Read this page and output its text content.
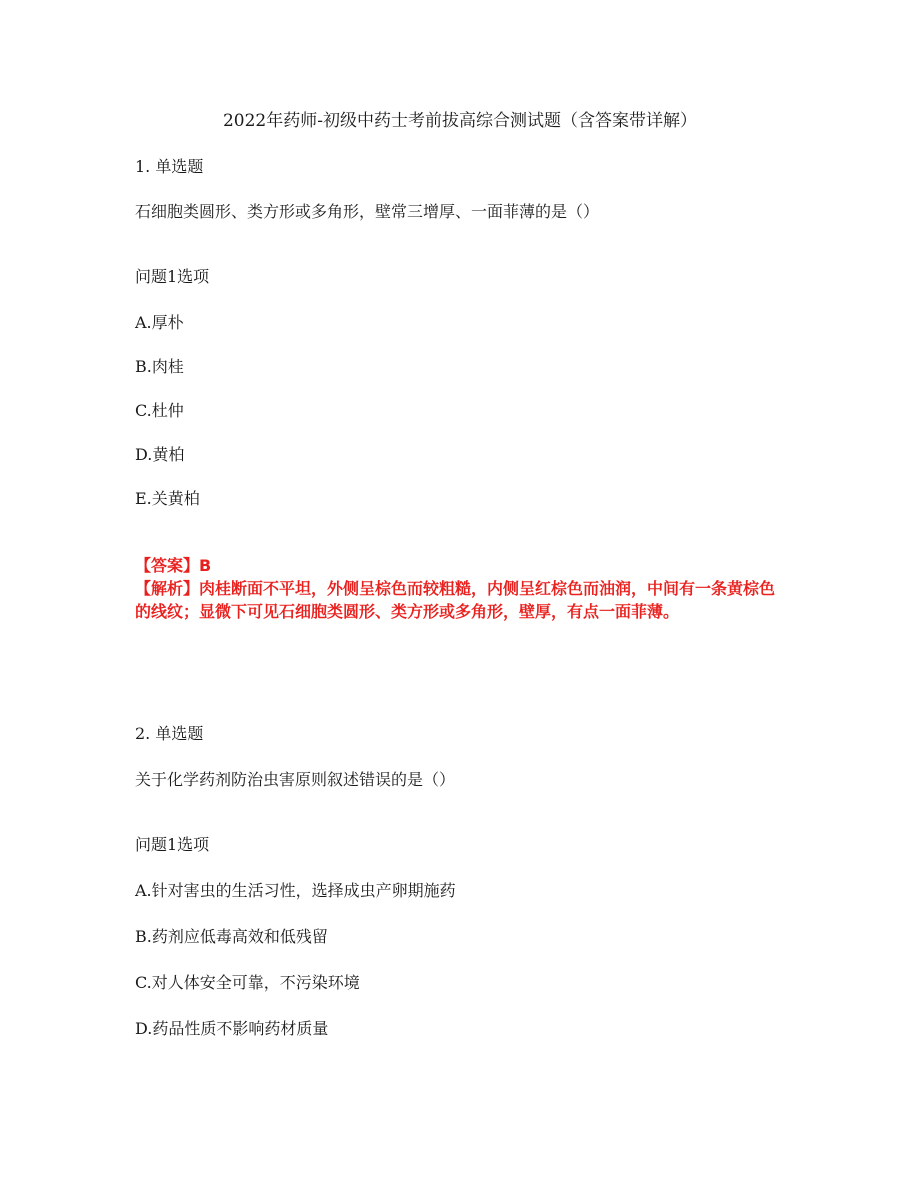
2022年药师-初级中药士考前拔高综合测试题（含答案带详解）
1. 单选题
石细胞类圆形、类方形或多角形，壁常三增厚、一面菲薄的是（）
问题1选项
A.厚朴
B.肉桂
C.杜仲
D.黄柏
E.关黄柏

【答案】B

【解析】肉桂断面不平坦，外侧呈棕色而较粗糙，内侧呈红棕色而油润，中间有一条黄棕色的线纹；显微下可见石细胞类圆形、类方形或多角形，壁厚，有点一面菲薄。

2. 单选题
关于化学药剂防治虫害原则叙述错误的是（）
问题1选项
A.针对害虫的生活习性，选择成虫产卵期施药
B.药剂应低毒高效和低残留
C.对人体安全可靠，不污染环境
D.药品性质不影响药材质量
